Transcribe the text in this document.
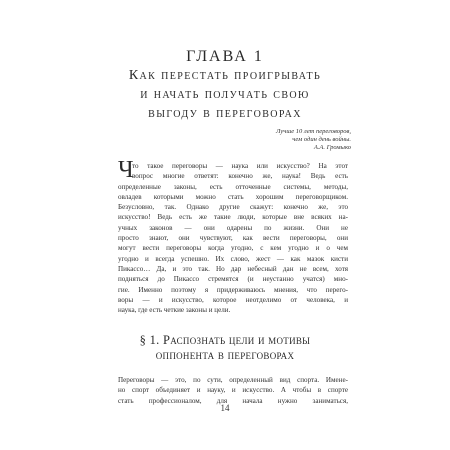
ГЛАВА 1
Как перестать проигрывать
и начать получать свою
выгоду в переговорах
Лучше 10 лет переговоров,
чем один день войны.
А.А. Громыко
Ч
то такое переговоры — наука или искусство? На этот
вопрос многие ответят: конечно же, наука! Ведь есть
определенные законы, есть отточенные системы, методы,
овладев которыми можно стать хорошим переговорщиком.
Безусловно, так. Однако другие скажут: конечно же, это
искусство! Ведь есть же такие люди, которые вне всяких на-
учных законов — они одарены по жизни. Они не
просто знают, они чувствуют, как вести переговоры, они
могут вести переговоры когда угодно, с кем угодно и о чем
угодно и всегда успешно. Их слово, жест — как мазок кисти
Пикассо… Да, и это так. Но дар небесный дан не всем, хотя
подняться до Пикассо стремятся (и неустанно учатся) мно-
гие. Именно поэтому я придерживаюсь мнения, что перего-
воры — и искусство, которое неотделимо от человека, и
наука, где есть четкие законы и цели.
§ 1. Распознать цели и мотивы
оппонента в переговорах
Переговоры — это, по сути, определенный вид спорта. Имене-
но спорт объединяет и науку, и искусство. А чтобы в спорте
стать профессионалом, для начала нужно заниматься,
14
